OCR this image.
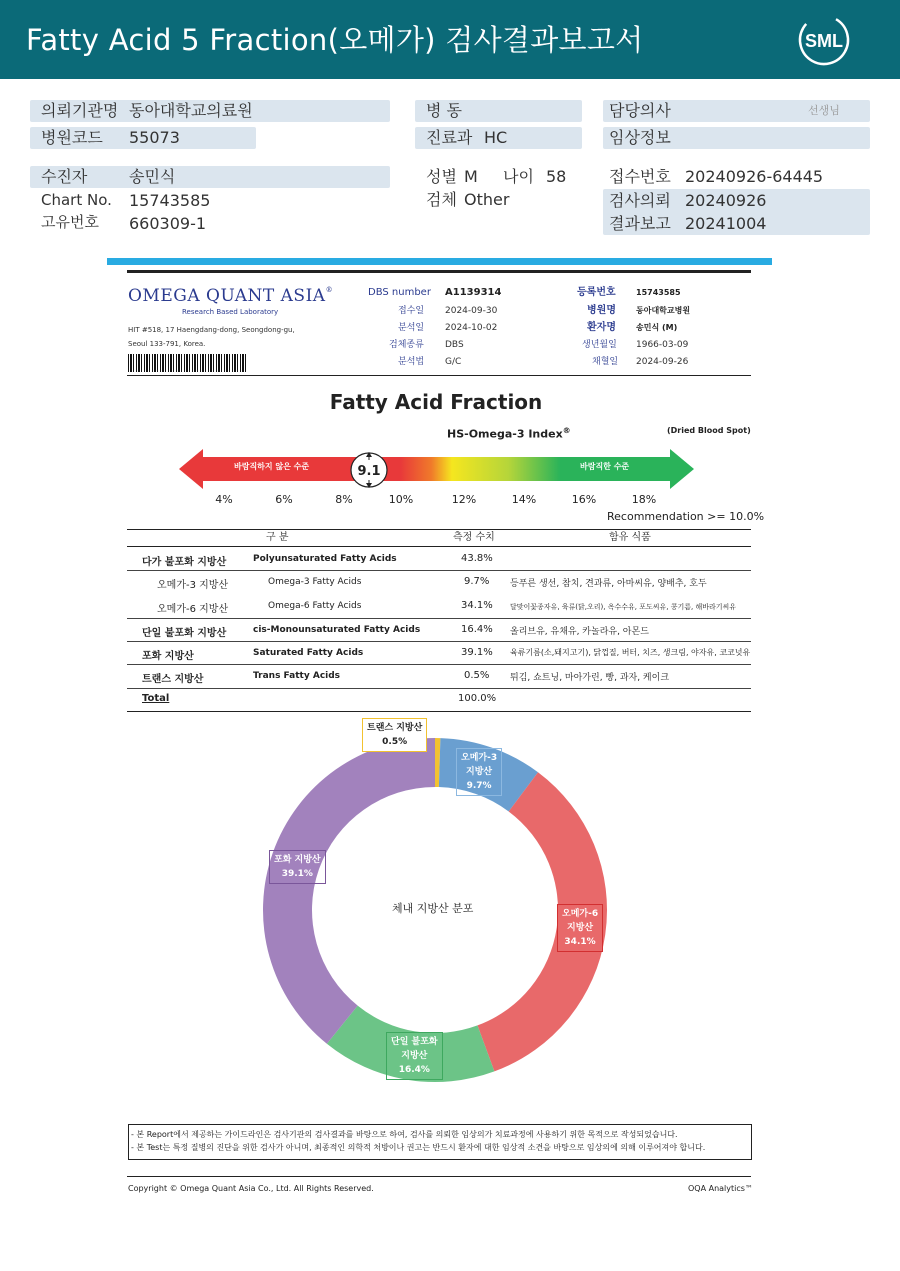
Fatty Acid 5 Fraction(오메가) 검사결과보고서	SML
의뢰기관명 동아대학교의료원
병원코드 55073
병 동
진료과 HC
담당의사	선생님
임상정보
수진자	송민식
Chart No. 15743585
고유번호 660309-1
성별 M 나이 58
검체 Other
접수번호 20240926-64445
검사의뢰 20240926
결과보고 20241004
OMEGA QUANT ASIA®
Research Based Laboratory
HIT #518, 17 Haengdang-dong, Seongdong-gu,
Seoul 133-791, Korea.
DBS number A1139314
접수일 2024-09-30
분석일 2024-10-02
검체종류 DBS
분석법 G/C
등록번호	15743585
병원명	동아대학교병원
환자명	송민식 (M)
생년월일 1966-03-09
채혈일 2024-09-26
Fatty Acid Fraction
HS-Omega-3 Index®	(Dried Blood Spot)
바람직하지 않은 수준	바람직한 수준
9.1
4%	6%	8%	10%	12%	14%	16%	18%
Recommendation >= 10.0%
구 분	측정 수치	함유 식품
다가 불포화 지방산	Polyunsaturated Fatty Acids	43.8%
오메가-3 지방산	Omega-3 Fatty Acids	9.7% 등푸른 생선, 참치, 견과류, 아마씨유, 양배추, 호두
오메가-6 지방산	Omega-6 Fatty Acids	34.1% 달맞이꽃종자유, 육류(닭,오리), 옥수수유, 포도씨유, 콩기름, 해바라기씨유
단일 불포화 지방산	cis-Monounsaturated Fatty Acids	16.4% 올리브유, 유채유, 카놀라유, 아몬드
포화 지방산	Saturated Fatty Acids	39.1% 육류기름(소,돼지고기), 닭껍질, 버터, 치즈, 생크림, 야자유, 코코넛유
트랜스 지방산	Trans Fatty Acids	0.5% 튀김, 쇼트닝, 마아가린, 빵, 과자, 케이크
Total	100.0%
체내 지방산 분포
트랜스 지방산
0.5%
오메가-3
지방산
9.7%
오메가-6
지방산
34.1%
단일 불포화
지방산
16.4%
포화 지방산
39.1%
- 본 Report에서 제공하는 가이드라인은 검사기관의 검사결과를 바탕으로 하여, 검사를 의뢰한 임상의가 치료과정에 사용하기 위한 목적으로 작성되었습니다.
- 본 Test는 특정 질병의 진단을 위한 검사가 아니며, 최종적인 의학적 처방이나 권고는 반드시 환자에 대한 임상적 소견을 바탕으로 임상의에 의해 이루어져야 합니다.
Copyright © Omega Quant Asia Co., Ltd. All Rights Reserved.	OQA Analytics™
